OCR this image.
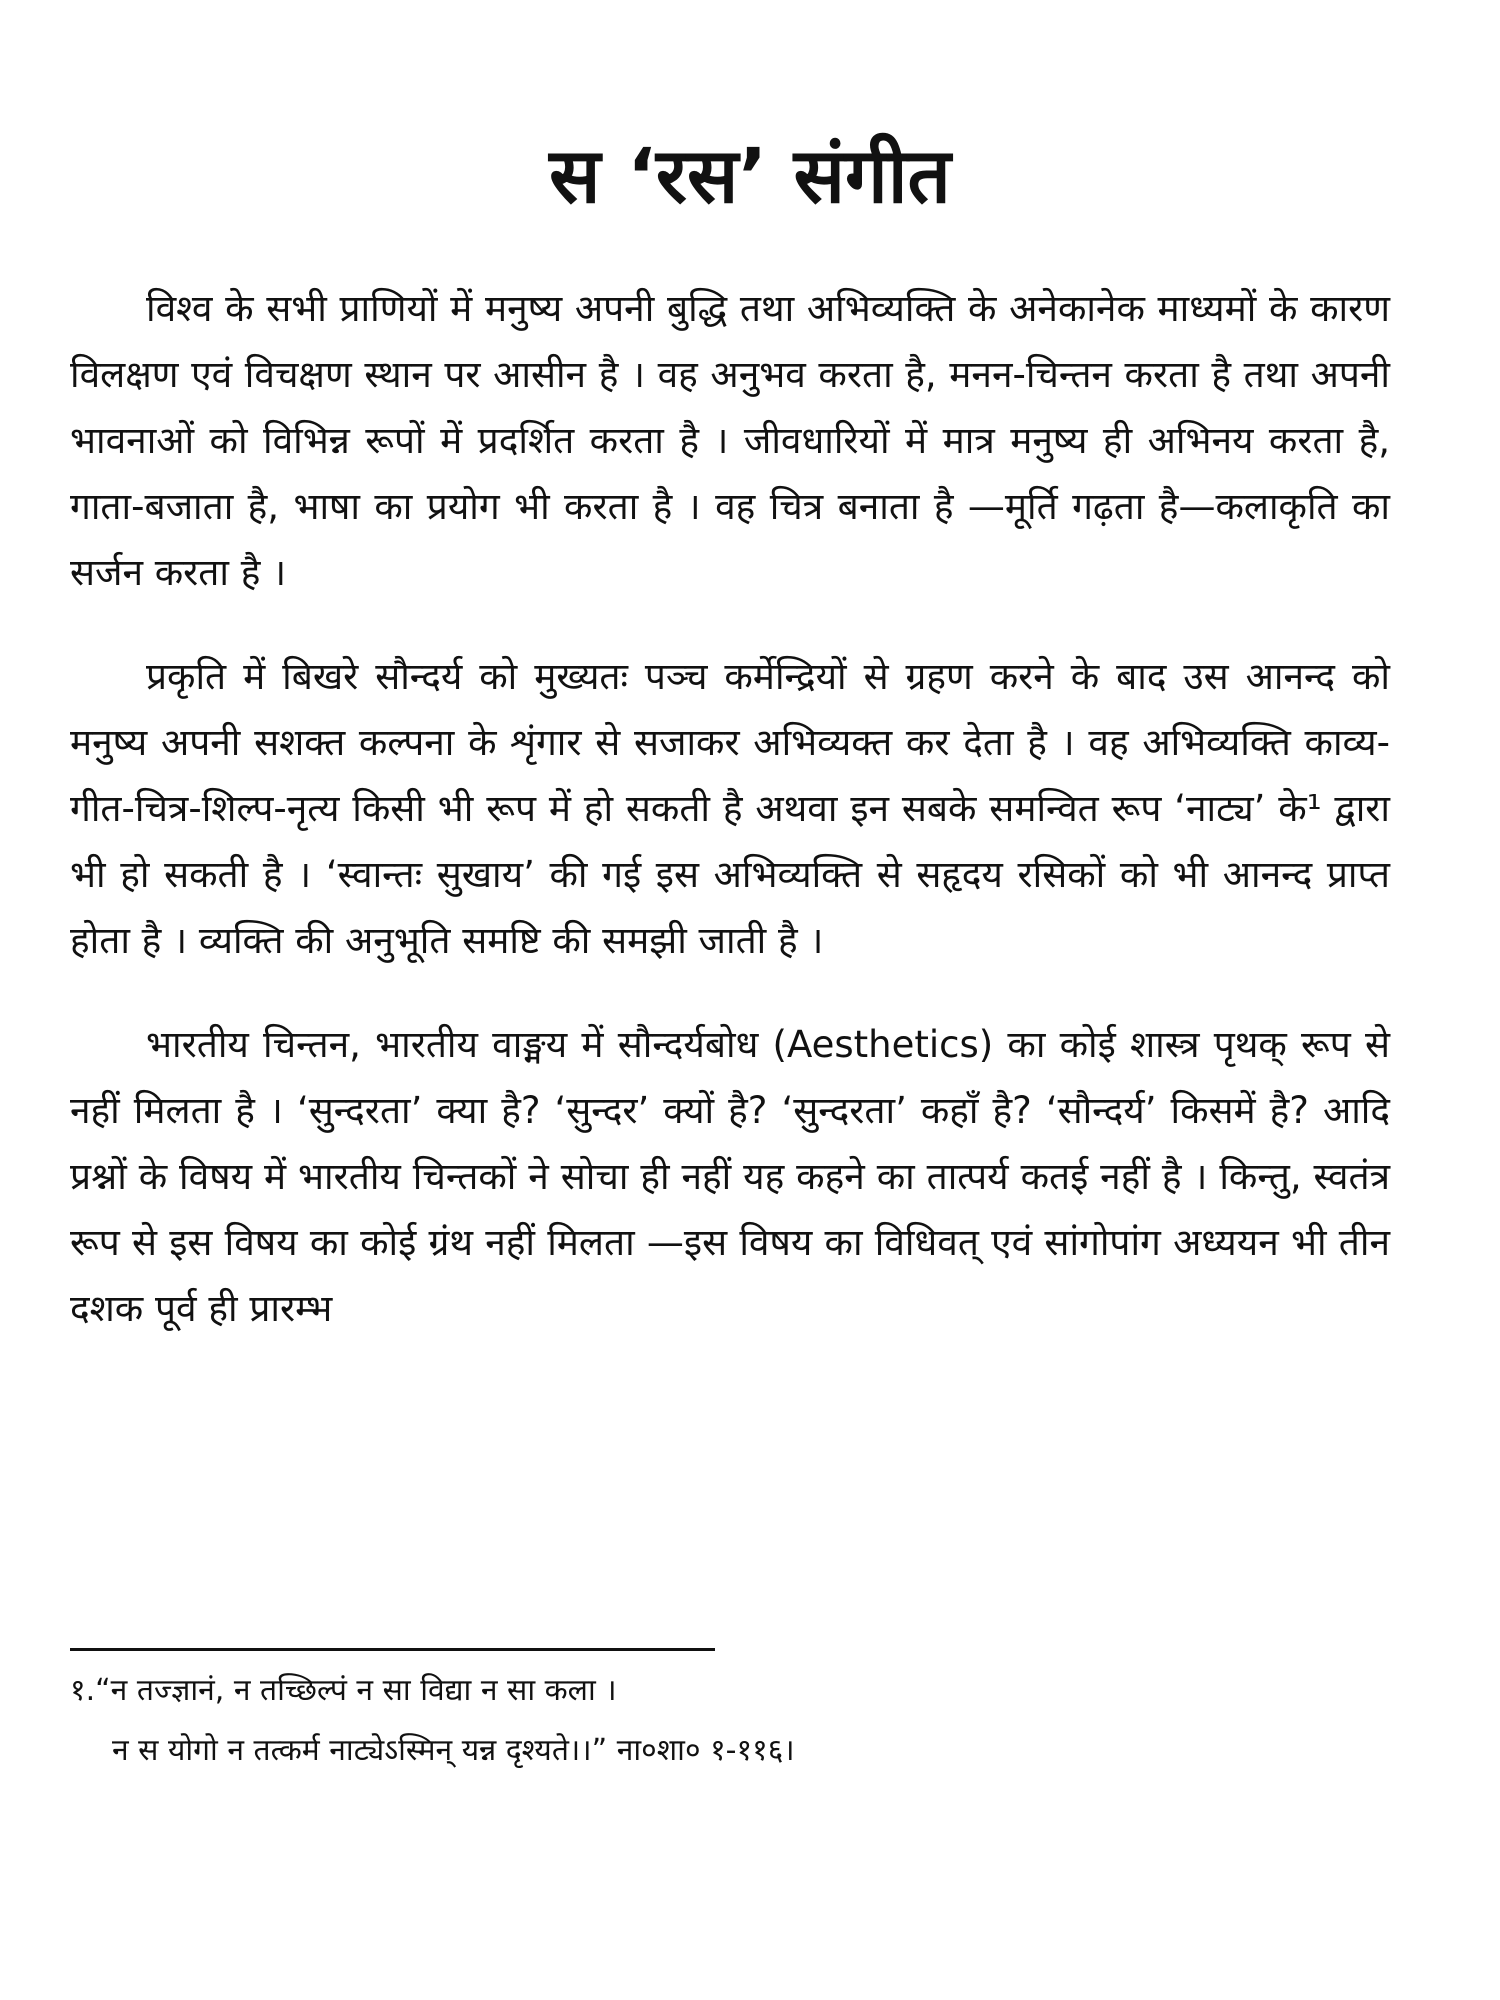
स ‘रस’ संगीत

विश्व के सभी प्राणियों में मनुष्य अपनी बुद्धि तथा अभिव्यक्ति के अनेकानेक माध्यमों के कारण विलक्षण एवं विचक्षण स्थान पर आसीन है । वह अनुभव करता है, मनन-चिन्तन करता है तथा अपनी भावनाओं को विभिन्न रूपों में प्रदर्शित करता है । जीवधारियों में मात्र मनुष्य ही अभिनय करता है, गाता-बजाता है, भाषा का प्रयोग भी करता है । वह चित्र बनाता है —मूर्ति गढ़ता है—कलाकृति का सर्जन करता है ।

प्रकृति में बिखरे सौन्दर्य को मुख्यतः पञ्च कर्मेन्द्रियों से ग्रहण करने के बाद उस आनन्द को मनुष्य अपनी सशक्त कल्पना के शृंगार से सजाकर अभिव्यक्त कर देता है । वह अभिव्यक्ति काव्य-गीत-चित्र-शिल्प-नृत्य किसी भी रूप में हो सकती है अथवा इन सबके समन्वित रूप ‘नाट्य’ के¹ द्वारा भी हो सकती है । ‘स्वान्तः सुखाय’ की गई इस अभिव्यक्ति से सहृदय रसिकों को भी आनन्द प्राप्त होता है । व्यक्ति की अनुभूति समष्टि की समझी जाती है ।

भारतीय चिन्तन, भारतीय वाङ्मय में सौन्दर्यबोध (Aesthetics) का कोई शास्त्र पृथक् रूप से नहीं मिलता है । ‘सुन्दरता’ क्या है? ‘सुन्दर’ क्यों है? ‘सुन्दरता’ कहाँ है? ‘सौन्दर्य’ किसमें है? आदि प्रश्नों के विषय में भारतीय चिन्तकों ने सोचा ही नहीं यह कहने का तात्पर्य कतई नहीं है । किन्तु, स्वतंत्र रूप से इस विषय का कोई ग्रंथ नहीं मिलता —इस विषय का विधिवत् एवं सांगोपांग अध्ययन भी तीन दशक पूर्व ही प्रारम्भ

१.“न तज्ज्ञानं, न तच्छिल्पं न सा विद्या न सा कला ।

न स योगो न तत्कर्म नाट्येऽस्मिन् यन्न दृश्यते।।” ना०शा० १-११६।
